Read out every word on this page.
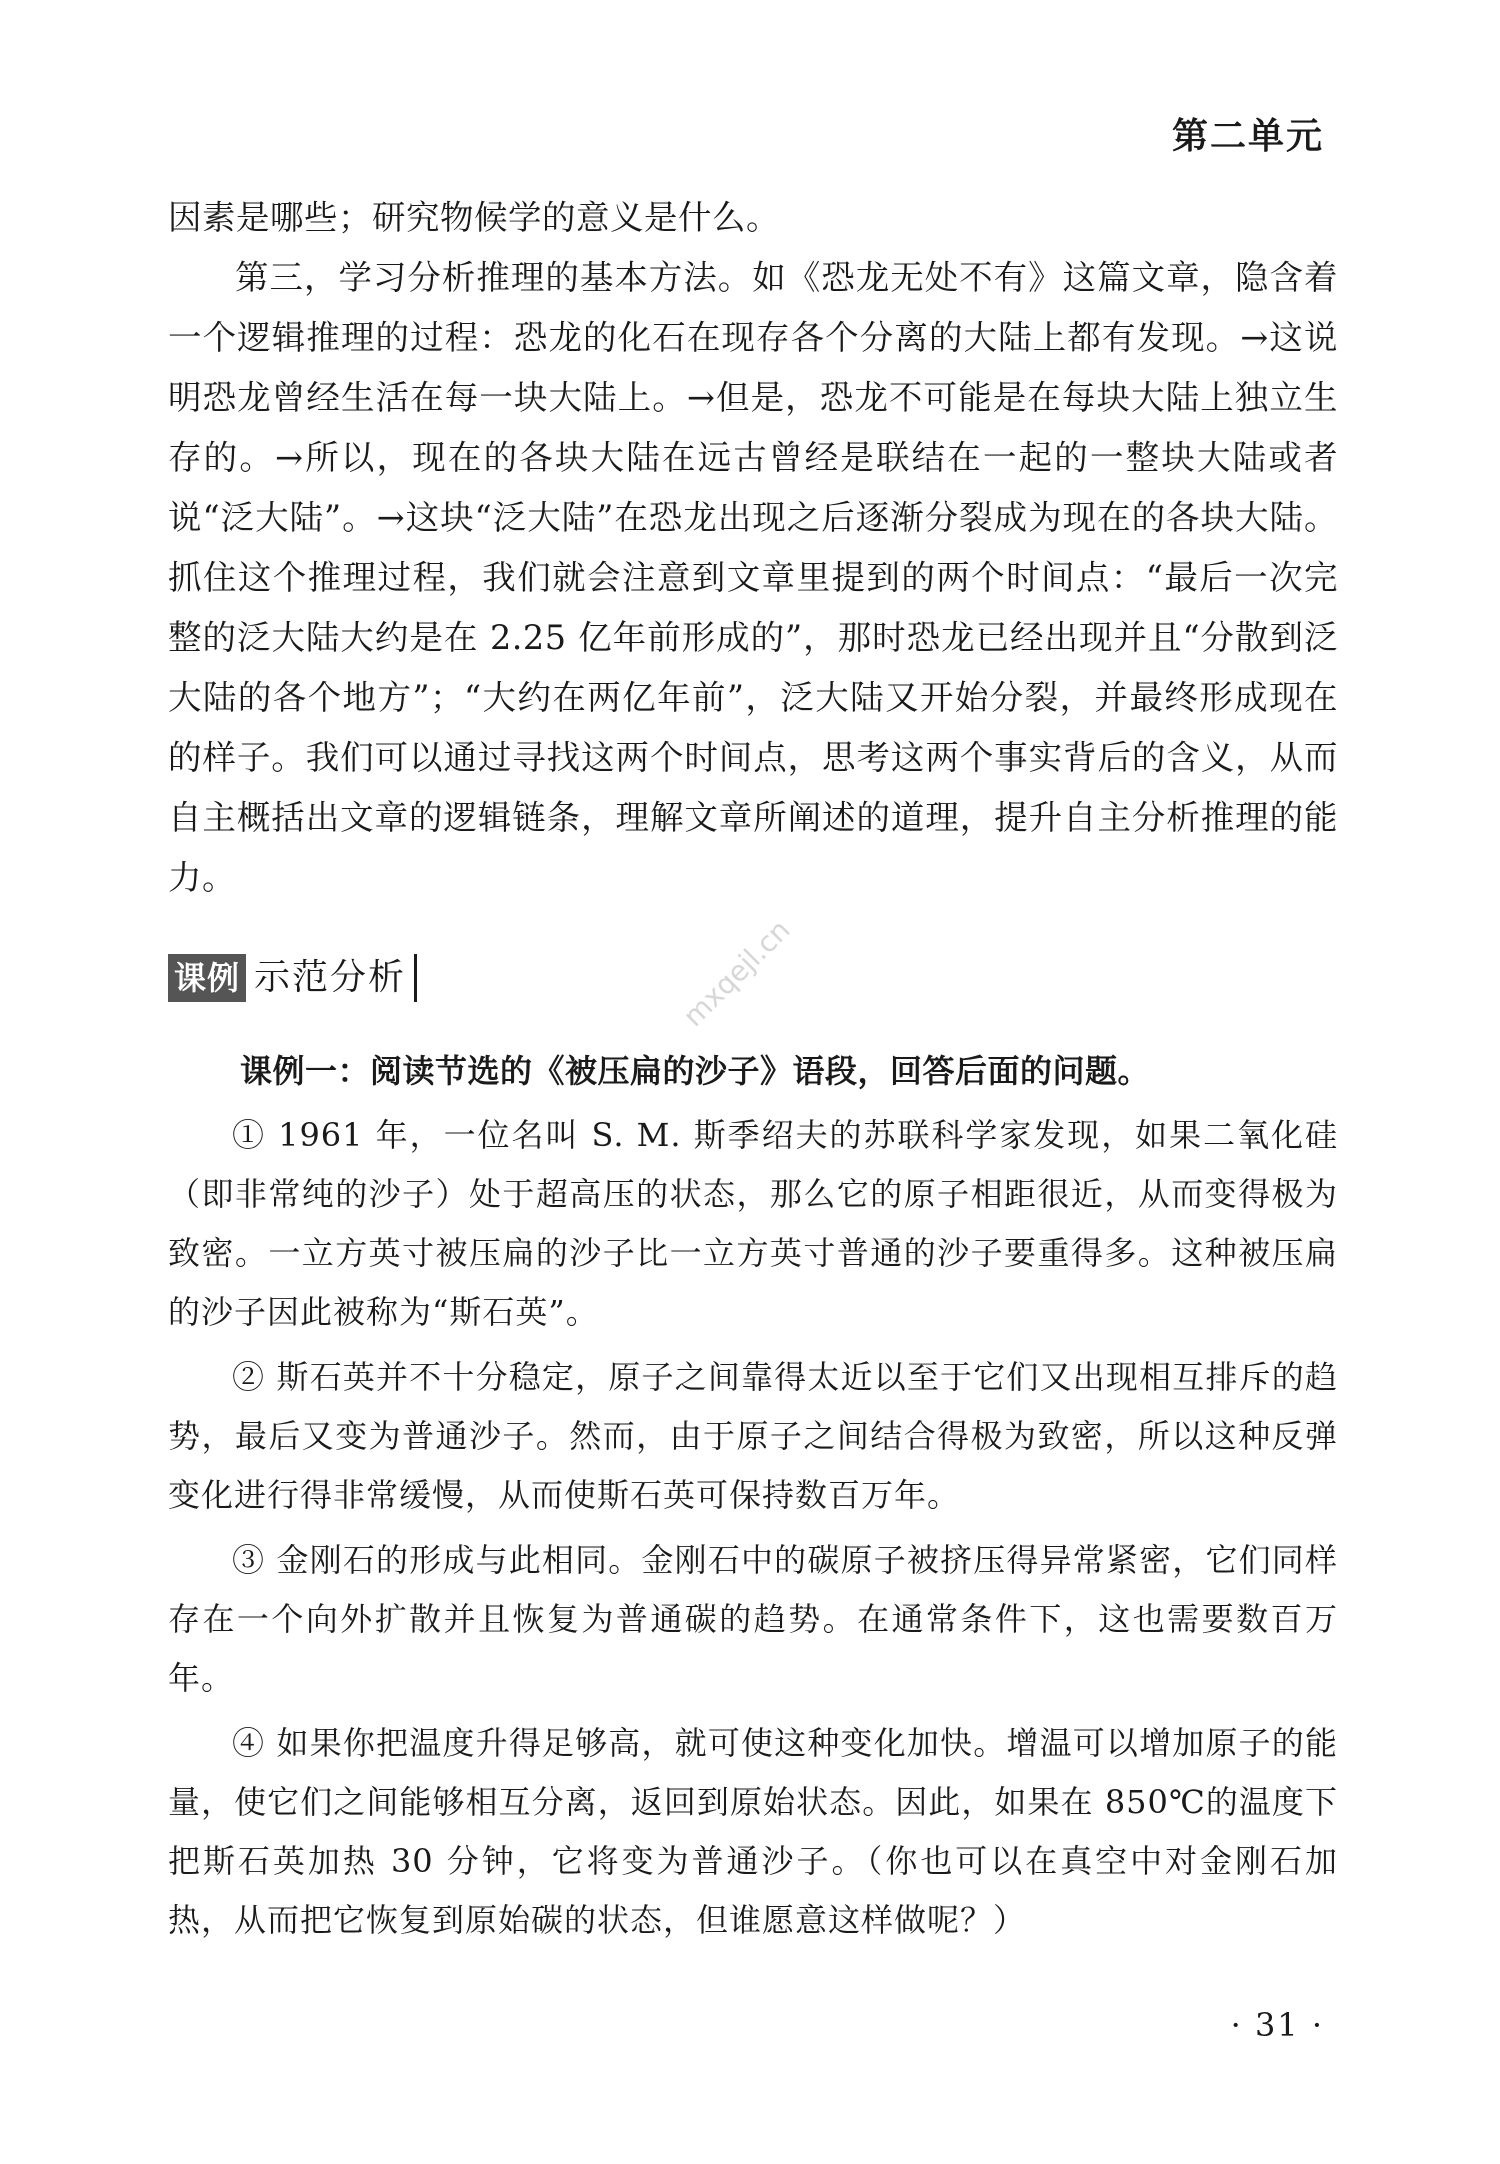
第二单元

因素是哪些；研究物候学的意义是什么。

第三，学习分析推理的基本方法。如《恐龙无处不有》这篇文章，隐含着一个逻辑推理的过程：恐龙的化石在现存各个分离的大陆上都有发现。→这说明恐龙曾经生活在每一块大陆上。→但是，恐龙不可能是在每块大陆上独立生存的。→所以，现在的各块大陆在远古曾经是联结在一起的一整块大陆或者说“泛大陆”。→这块“泛大陆”在恐龙出现之后逐渐分裂成为现在的各块大陆。抓住这个推理过程，我们就会注意到文章里提到的两个时间点：“最后一次完整的泛大陆大约是在 2.25 亿年前形成的”，那时恐龙已经出现并且“分散到泛大陆的各个地方”；“大约在两亿年前”，泛大陆又开始分裂，并最终形成现在的样子。我们可以通过寻找这两个时间点，思考这两个事实背后的含义，从而自主概括出文章的逻辑链条，理解文章所阐述的道理，提升自主分析推理的能力。

课例 示范分析	mxqejl.cn
课例一：阅读节选的《被压扁的沙子》语段，回答后面的问题。

① 1961 年，一位名叫 S. M. 斯季绍夫的苏联科学家发现，如果二氧化硅（即非常纯的沙子）处于超高压的状态，那么它的原子相距很近，从而变得极为致密。一立方英寸被压扁的沙子比一立方英寸普通的沙子要重得多。这种被压扁的沙子因此被称为“斯石英”。

② 斯石英并不十分稳定，原子之间靠得太近以至于它们又出现相互排斥的趋势，最后又变为普通沙子。然而，由于原子之间结合得极为致密，所以这种反弹变化进行得非常缓慢，从而使斯石英可保持数百万年。

③ 金刚石的形成与此相同。金刚石中的碳原子被挤压得异常紧密，它们同样存在一个向外扩散并且恢复为普通碳的趋势。在通常条件下，这也需要数百万年。

④ 如果你把温度升得足够高，就可使这种变化加快。增温可以增加原子的能量，使它们之间能够相互分离，返回到原始状态。因此，如果在 850℃的温度下把斯石英加热 30 分钟，它将变为普通沙子。（你也可以在真空中对金刚石加热，从而把它恢复到原始碳的状态，但谁愿意这样做呢？）

· 31 ·
